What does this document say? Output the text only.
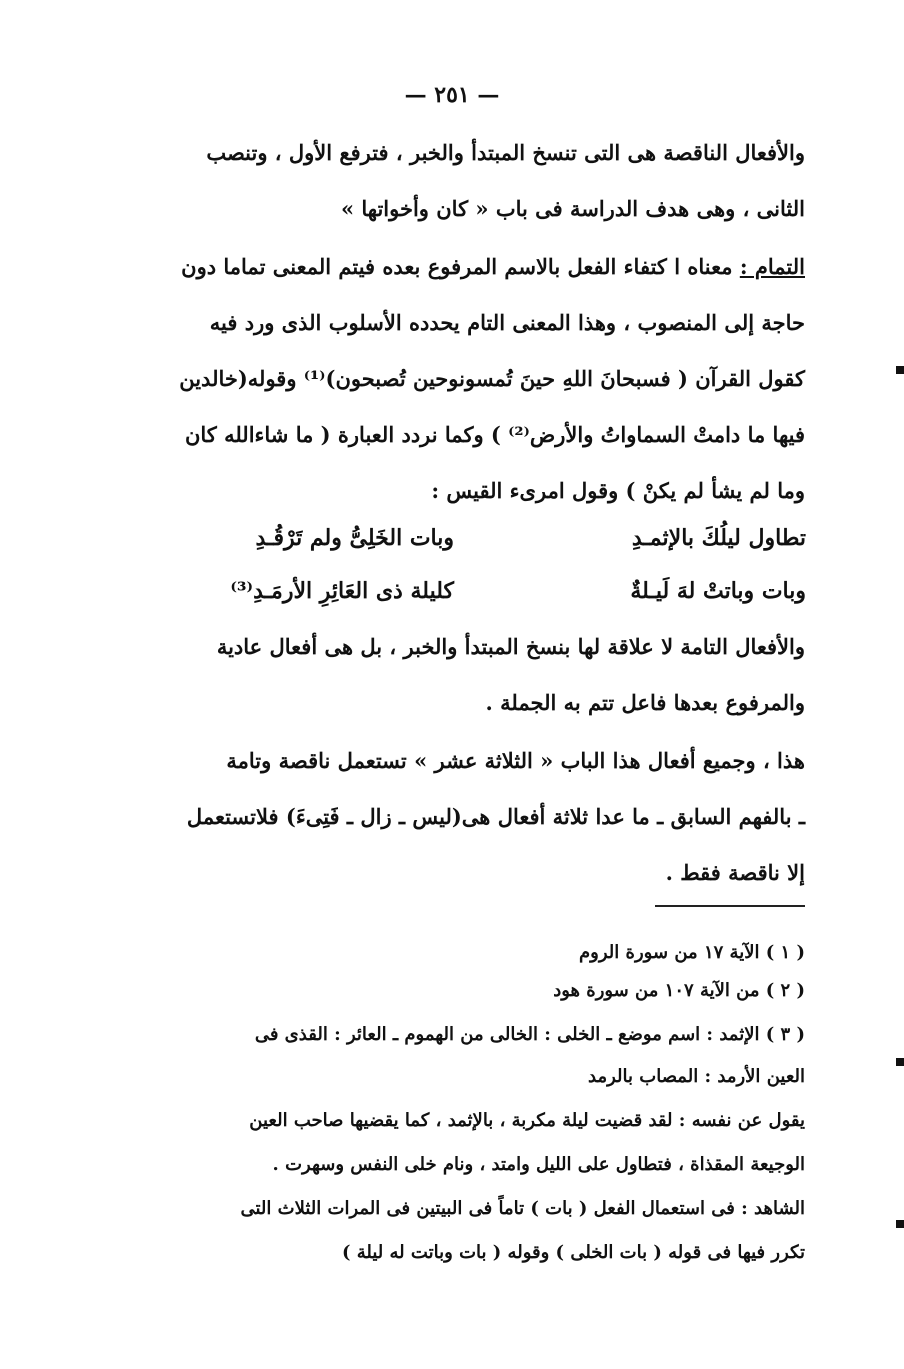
— ٢٥١ —
والأفعال الناقصة هى التى تنسخ المبتدأ والخبر ، فترفع الأول ، وتنصب
الثانى ، وهى هدف الدراسة فى باب « كان وأخواتها »
التمام : معناه ا كتفاء الفعل بالاسم المرفوع بعده فيتم المعنى تماما دون
حاجة إلى المنصوب ، وهذا المعنى التام يحدده الأسلوب الذى ورد فيه
كقول القرآن ( فسبحانَ اللهِ حينَ تُمسونوحين تُصبحون)⁽¹⁾ وقوله(خالدين
فيها ما دامتْ السماواتُ والأرض⁽²⁾ ) وكما نردد العبارة ( ما شاءالله كان
وما لم يشأ لم يكنْ ) وقول امرىء القيس :
تطاول ليلُكَ بالإثمـدِ
وبات الخَلِىُّ ولم تَرْقُـدِ
وبات وباتتْ لهَ لَيـلةٌ
كليلة ذى العَائِرِ الأرمَـدِ⁽³⁾
والأفعال التامة لا علاقة لها بنسخ المبتدأ والخبر ، بل هى أفعال عادية
والمرفوع بعدها فاعل تتم به الجملة .
هذا ، وجميع أفعال هذا الباب « الثلاثة عشر » تستعمل ناقصة وتامة
ـ بالفهم السابق ـ ما عدا ثلاثة أفعال هى(ليس ـ زال ـ فَتِىءَ) فلاتستعمل
إلا ناقصة فقط .
( ١ ) الآية ١٧ من سورة الروم
( ٢ ) من الآية ١٠٧ من سورة هود
( ٣ ) الإثمد : اسم موضع ـ الخلى : الخالى من الهموم ـ العائر : القذى فى
العين الأرمد : المصاب بالرمد
يقول عن نفسه : لقد قضيت ليلة مكربة ، بالإثمد ، كما يقضيها صاحب العين
الوجيعة المقذاة ، فتطاول على الليل وامتد ، ونام خلى النفس وسهرت .
الشاهد : فى استعمال الفعل ( بات ) تاماً فى البيتين فى المرات الثلاث التى
تكرر فيها فى قوله ( بات الخلى ) وقوله ( بات وباتت له ليلة )
